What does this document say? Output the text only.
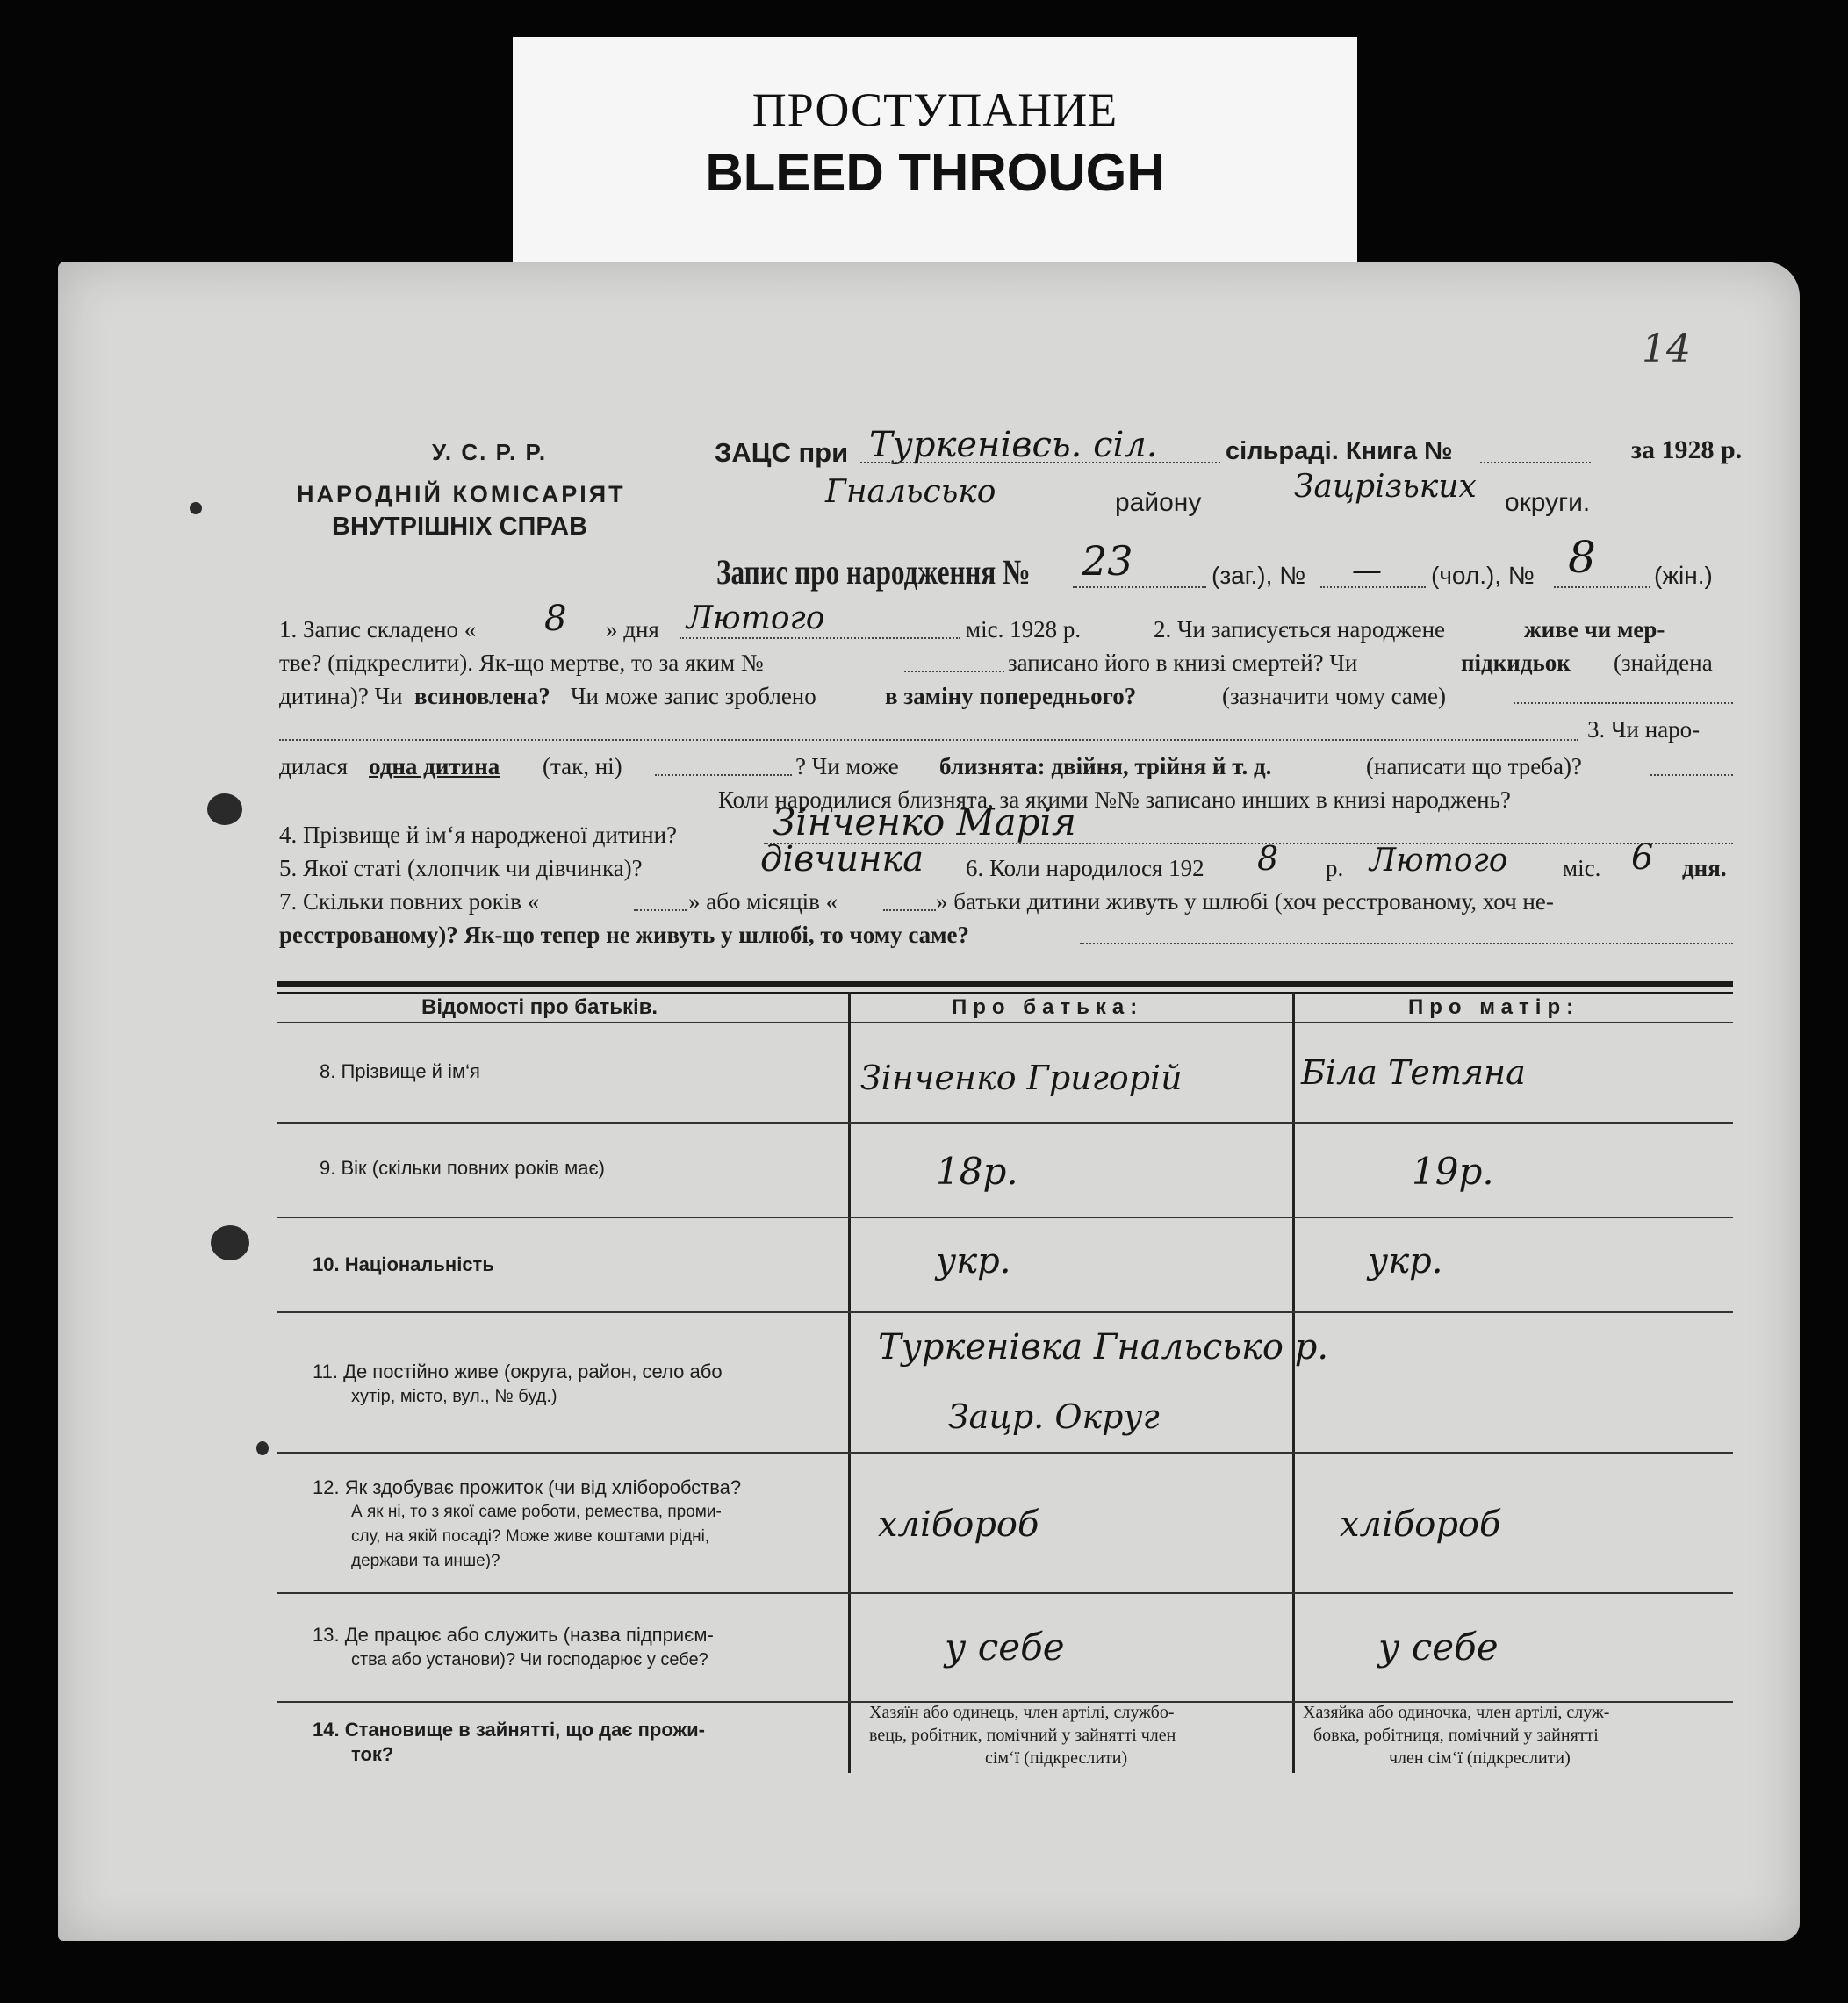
ПРОСТУПАНИЕ
BLEED THROUGH
14
У. С. Р. Р.
НАРОДНІЙ КОМІСАРІЯТ
ВНУТРІШНІХ СПРАВ
ЗАЦС при Туркенівсь. сіл.	сільраді. Книга №	за 1928 р.
Гнальсько	району	Зацрізьких округи.
Запис про народження № 23	(заг.), № — (чол.), № 8 (жін.)
1. Запис складено « 8 » дня Лютого	міс. 1928 р.	2. Чи записується народжене	живе чи мер-
тве? (підкреслити). Як-що мертве, то за яким №	записано його в книзі смертей? Чи	підкидьок (знайдена
дитина)? Чи всиновлена? Чи може запис зроблено	в заміну попереднього?	(зазначити чому саме)
3. Чи наро-
дилася одна дитина (так, ні)	? Чи може близнята: двійня, трійня й т. д.	(написати що треба)?
Коли народилися близнята, за якими №№ записано инших в книзі народжень?
4. Прізвище й ім‘я народженої дитини?	Зінченко Марія
5. Якої статі (хлопчик чи дівчинка)?	дівчинка 6. Коли народилося 192 8 р. Лютого міс. 6 дня.
7. Скільки повних років «	» або місяців «	» батьки дитини живуть у шлюбі (хоч ресстрованому, хоч не-
ресстрованому)? Як-що тепер не живуть у шлюбі, то чому саме?
Відомості про батьків.	Про батька:	Про матір:
8. Прізвище й ім‘я	Зінченко Григорій	Біла Тетяна
9. Вік (скільки повних років має)	18р.	19р.
10. Національність	укр.	укр.
11. Де постійно живе (округа, район, село або
хутір, місто, вул., № буд.)
Туркенівка Гнальсько р.
Зацр. Округ
12. Як здобуває прожиток (чи від хліборобства?
А як ні, то з якої саме роботи, ремества, проми-
слу, на якій посаді? Може живе коштами рідні,
держави та инше)?
хлібороб	хлібороб
13. Де працює або служить (назва підприєм-
ства або установи)? Чи господарює у себе?	у себе	у себе
14. Становище в зайнятті, що дає прожи-
ток?
Хазяїн або одинець, член артілі, службо-
вець, робітник, помічний у зайнятті член
сім‘ї (підкреслити)
Хазяйка або одиночка, член артілі, служ-
бовка, робітниця, помічний у зайнятті
член сім‘ї (підкреслити)
